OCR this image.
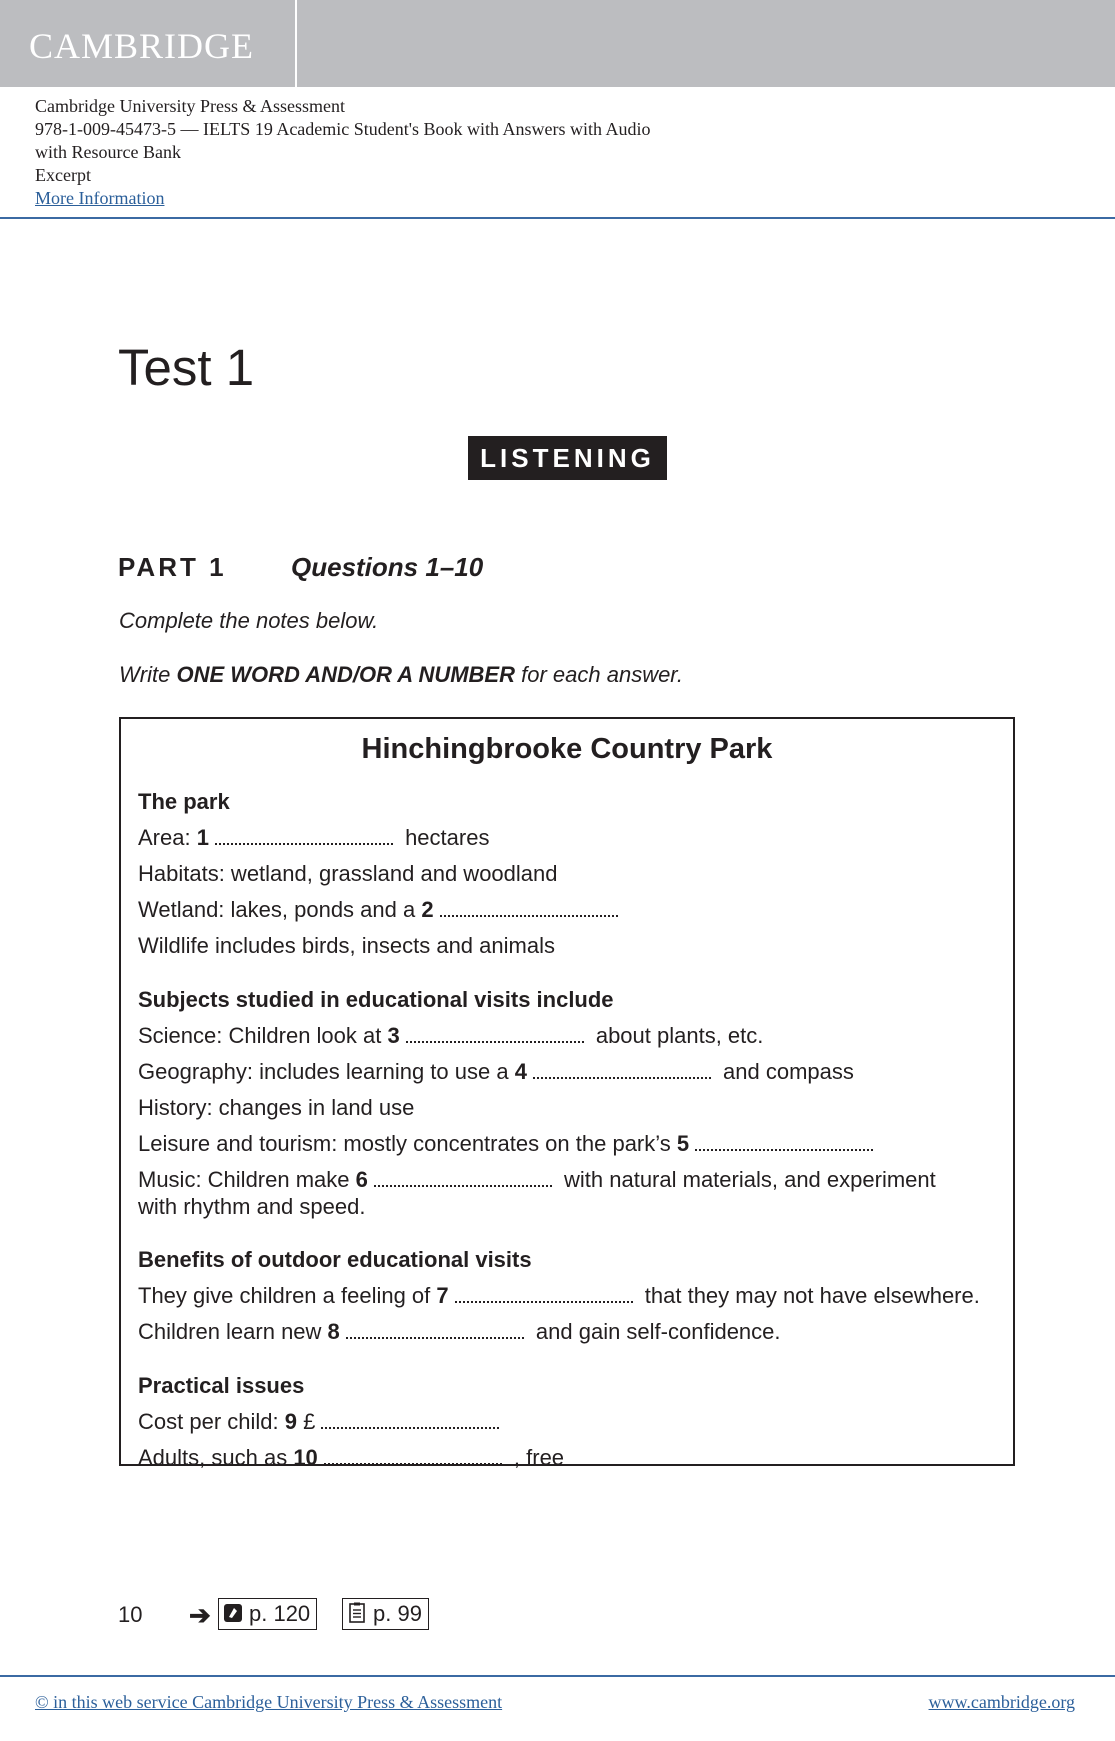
CAMBRIDGE
Cambridge University Press & Assessment
978-1-009-45473-5 — IELTS 19 Academic Student's Book with Answers with Audio
with Resource Bank
Excerpt
More Information
Test 1
LISTENING
PART 1 Questions 1–10
Complete the notes below.
Write ONE WORD AND/OR A NUMBER for each answer.
Hinchingbrooke Country Park
The park
Area: 1	hectares
Habitats: wetland, grassland and woodland
Wetland: lakes, ponds and a 2
Wildlife includes birds, insects and animals
Subjects studied in educational visits include
Science: Children look at 3	about plants, etc.
Geography: includes learning to use a 4	and compass
History: changes in land use
Leisure and tourism: mostly concentrates on the park’s 5
Music: Children make 6	with natural materials, and experiment
with rhythm and speed.
Benefits of outdoor educational visits
They give children a feeling of 7	that they may not have elsewhere.
Children learn new 8	and gain self-confidence.
Practical issues
Cost per child: 9 £
Adults, such as 10	, free
10 ➔	p. 120	p. 99
© in this web service Cambridge University Press & Assessment	www.cambridge.org
